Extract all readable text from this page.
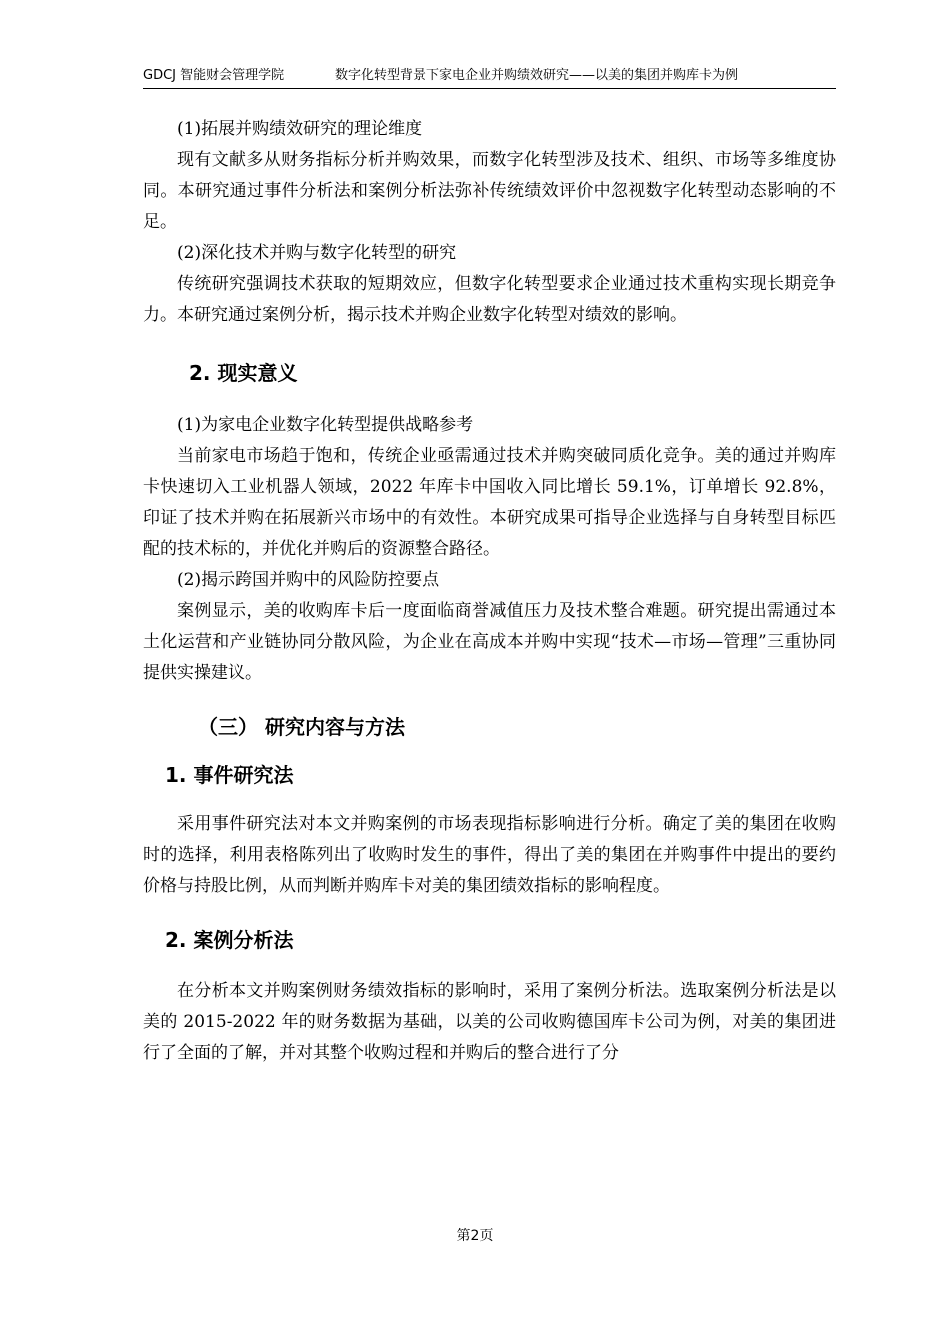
GDCJ 智能财会管理学院	数字化转型背景下家电企业并购绩效研究——以美的集团并购库卡为例

(1)拓展并购绩效研究的理论维度

现有文献多从财务指标分析并购效果，而数字化转型涉及技术、组织、市场等多维度协同。本研究通过事件分析法和案例分析法弥补传统绩效评价中忽视数字化转型动态影响的不足。

(2)深化技术并购与数字化转型的研究

传统研究强调技术获取的短期效应，但数字化转型要求企业通过技术重构实现长期竞争力。本研究通过案例分析，揭示技术并购企业数字化转型对绩效的影响。

2. 现实意义

(1)为家电企业数字化转型提供战略参考

当前家电市场趋于饱和，传统企业亟需通过技术并购突破同质化竞争。美的通过并购库卡快速切入工业机器人领域，2022 年库卡中国收入同比增长 59.1%，订单增长 92.8%，印证了技术并购在拓展新兴市场中的有效性。本研究成果可指导企业选择与自身转型目标匹配的技术标的，并优化并购后的资源整合路径。

(2)揭示跨国并购中的风险防控要点

案例显示，美的收购库卡后一度面临商誉减值压力及技术整合难题。研究提出需通过本土化运营和产业链协同分散风险，为企业在高成本并购中实现“技术—市场—管理”三重协同提供实操建议。

（三） 研究内容与方法
1. 事件研究法

采用事件研究法对本文并购案例的市场表现指标影响进行分析。确定了美的集团在收购时的选择，利用表格陈列出了收购时发生的事件，得出了美的集团在并购事件中提出的要约价格与持股比例，从而判断并购库卡对美的集团绩效指标的影响程度。

2. 案例分析法

在分析本文并购案例财务绩效指标的影响时，采用了案例分析法。选取案例分析法是以美的 2015-2022 年的财务数据为基础，以美的公司收购德国库卡公司为例，对美的集团进行了全面的了解，并对其整个收购过程和并购后的整合进行了分

第2页
